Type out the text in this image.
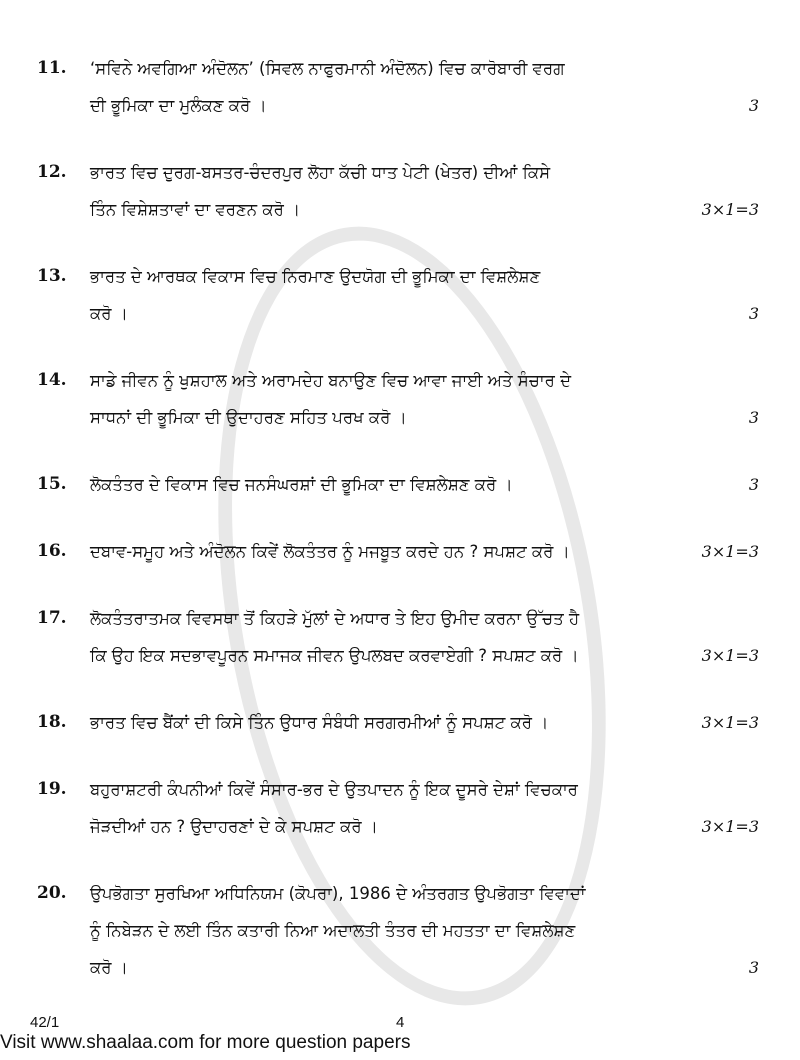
11.	‘ਸਵਿਨੇ ਅਵਗਿਆ ਅੰਦੋਲਨ’ (ਸਿਵਲ ਨਾਫੁਰਮਾਨੀ ਅੰਦੋਲਨ) ਵਿਚ ਕਾਰੋਬਾਰੀ ਵਰਗ
ਦੀ ਭੂਮਿਕਾ ਦਾ ਮੁਲੰਕਣ ਕਰੋ ।	3
12.	ਭਾਰਤ ਵਿਚ ਦੁਰਗ-ਬਸਤਰ-ਚੰਦਰਪੁਰ ਲੋਹਾ ਕੱਚੀ ਧਾਤ ਪੇਟੀ (ਖੇਤਰ) ਦੀਆਂ ਕਿਸੇ
ਤਿੰਨ ਵਿਸ਼ੇਸ਼ਤਾਵਾਂ ਦਾ ਵਰਣਨ ਕਰੋ ।	3×1=3
13.	ਭਾਰਤ ਦੇ ਆਰਥਕ ਵਿਕਾਸ ਵਿਚ ਨਿਰਮਾਣ ਉਦਯੋਗ ਦੀ ਭੂਮਿਕਾ ਦਾ ਵਿਸ਼ਲੇਸ਼ਣ
ਕਰੋ ।	3
14.	ਸਾਡੇ ਜੀਵਨ ਨੂੰ ਖੁਸ਼ਹਾਲ ਅਤੇ ਅਰਾਮਦੇਹ ਬਨਾਉਣ ਵਿਚ ਆਵਾ ਜਾਈ ਅਤੇ ਸੰਚਾਰ ਦੇ
ਸਾਧਨਾਂ ਦੀ ਭੂਮਿਕਾ ਦੀ ਉਦਾਹਰਣ ਸਹਿਤ ਪਰਖ ਕਰੋ ।	3
15.	ਲੋਕਤੰਤਰ ਦੇ ਵਿਕਾਸ ਵਿਚ ਜਨਸੰਘਰਸ਼ਾਂ ਦੀ ਭੂਮਿਕਾ ਦਾ ਵਿਸ਼ਲੇਸ਼ਣ ਕਰੋ ।	3
16.	ਦਬਾਵ-ਸਮੂਹ ਅਤੇ ਅੰਦੋਲਨ ਕਿਵੇਂ ਲੋਕਤੰਤਰ ਨੂੰ ਮਜਬੂਤ ਕਰਦੇ ਹਨ ? ਸਪਸ਼ਟ ਕਰੋ ।	3×1=3
17.	ਲੋਕਤੰਤਰਾਤਮਕ ਵਿਵਸਥਾ ਤੋਂ ਕਿਹੜੇ ਮੁੱਲਾਂ ਦੇ ਅਧਾਰ ਤੇ ਇਹ ਉਮੀਦ ਕਰਨਾ ਉੱਚਤ ਹੈ
ਕਿ ਉਹ ਇਕ ਸਦਭਾਵਪੂਰਨ ਸਮਾਜਕ ਜੀਵਨ ਉਪਲਬਦ ਕਰਵਾਏਗੀ ? ਸਪਸ਼ਟ ਕਰੋ ।	3×1=3
18.	ਭਾਰਤ ਵਿਚ ਬੈਂਕਾਂ ਦੀ ਕਿਸੇ ਤਿੰਨ ਉਧਾਰ ਸੰਬੰਧੀ ਸਰਗਰਮੀਆਂ ਨੂੰ ਸਪਸ਼ਟ ਕਰੋ ।	3×1=3
19.	ਬਹੁਰਾਸ਼ਟਰੀ ਕੰਪਨੀਆਂ ਕਿਵੇਂ ਸੰਸਾਰ-ਭਰ ਦੇ ਉਤਪਾਦਨ ਨੂੰ ਇਕ ਦੂਸਰੇ ਦੇਸ਼ਾਂ ਵਿਚਕਾਰ
ਜੋੜਦੀਆਂ ਹਨ ? ਉਦਾਹਰਣਾਂ ਦੇ ਕੇ ਸਪਸ਼ਟ ਕਰੋ ।	3×1=3
20.	ਉਪਭੋਗਤਾ ਸੁਰਖਿਆ ਅਧਿਨਿਯਮ (ਕੋਪਰਾ), 1986 ਦੇ ਅੰਤਰਗਤ ਉਪਭੋਗਤਾ ਵਿਵਾਦਾਂ
ਨੂੰ ਨਿਬੇੜਨ ਦੇ ਲਈ ਤਿੰਨ ਕਤਾਰੀ ਨਿਆ ਅਦਾਲਤੀ ਤੰਤਰ ਦੀ ਮਹਤਤਾ ਦਾ ਵਿਸ਼ਲੇਸ਼ਣ
ਕਰੋ ।	3
42/1	4
Visit www.shaalaa.com for more question papers
